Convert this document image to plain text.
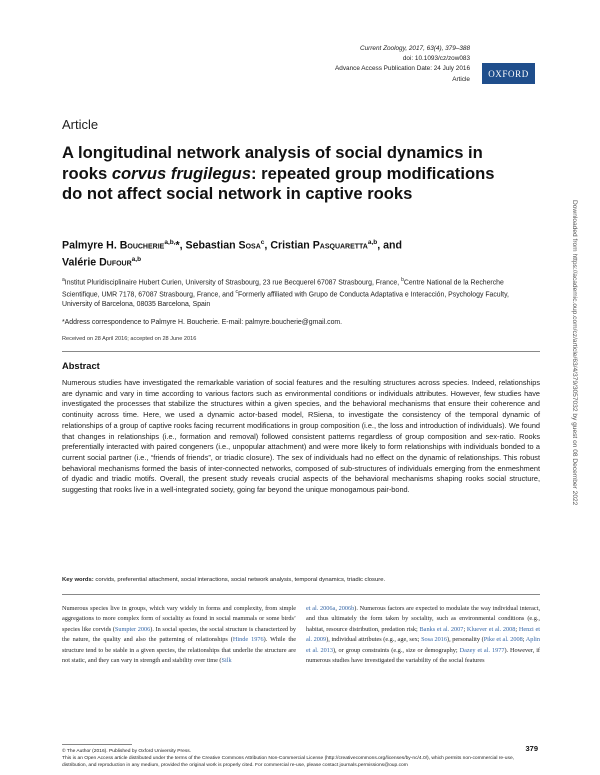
Current Zoology, 2017, 63(4), 379–388
doi: 10.1093/cz/zow083
Advance Access Publication Date: 24 July 2016
Article
OXFORD
Article
A longitudinal network analysis of social dynamics in rooks corvus frugilegus: repeated group modifications do not affect social network in captive rooks
Palmyre H. Boucherie$^{a,b,}$*, Sebastian Sosa$^c$, Cristian Pasquaretta$^{a,b}$, and
Valérie Dufour$^{a,b}$
$^a$Institut Pluridisciplinaire Hubert Curien, University of Strasbourg, 23 rue Becquerel 67087 Strasbourg, France, $^b$Centre National de la Recherche Scientifique, UMR 7178, 67087 Strasbourg, France, and $^c$Formerly affiliated with Grupo de Conducta Adaptativa e Interacción, Psychology Faculty, University of Barcelona, 08035 Barcelona, Spain
*Address correspondence to Palmyre H. Boucherie. E-mail: palmyre.boucherie@gmail.com.
Received on 28 April 2016; accepted on 28 June 2016
Abstract
Numerous studies have investigated the remarkable variation of social features and the resulting structures across species. Indeed, relationships are dynamic and vary in time according to various factors such as environmental conditions or individuals attributes. However, few studies have investigated the processes that stabilize the structures within a given species, and the behavioral mechanisms that ensure their coherence and continuity across time. Here, we used a dynamic actor-based model, RSiena, to investigate the consistency of the temporal dynamic of relationships of a group of captive rooks facing recurrent modifications in group composition (i.e., the loss and introduction of individuals). We found that changes in relationships (i.e., formation and removal) followed consistent patterns regardless of group composition and sex-ratio. Rooks preferentially interacted with paired congeners (i.e., unpopular attachment) and were more likely to form relationships with individuals bonded to a current social partner (i.e., “friends of friends”, or triadic closure). The sex of individuals had no effect on the dynamic of relationships. This robust behavioral mechanisms formed the basis of inter-connected networks, composed of sub-structures of individuals emerging from the enmeshment of dyadic and triadic motifs. Overall, the present study reveals crucial aspects of the behavioral mechanisms shaping rooks social structure, suggesting that rooks live in a well-integrated society, going far beyond the unique monogamous pair-bond.
Key words: corvids, preferential attachment, social interactions, social network analysis, temporal dynamics, triadic closure.
Numerous species live in groups, which vary widely in forms and complexity, from simple aggregations to more complex form of sociality as found in social mammals or some birds’ species like corvids (Sumpter 2006). In social species, the social structure is characterized by the nature, the quality and also the patterning of relationships (Hinde 1976). While the structure tend to be stable in a given species, the relationships that underlie the structure are not static, and they can vary in strength and stability over time (Silk
et al. 2006a, 2006b). Numerous factors are expected to modulate the way individual interact, and thus ultimately the form taken by sociality, such as environmental conditions (e.g., habitat, resource distribution, predation risk; Banks et al. 2007; Kluever et al. 2008; Henzi et al. 2009), individual attributes (e.g., age, sex; Sosa 2016), personality (Pike et al. 2008; Aplin et al. 2013), or group constraints (e.g., size or demography; Dazey et al. 1977). However, if numerous studies have investigated the variability of the social features
© The Author (2016). Published by Oxford University Press.
This is an Open Access article distributed under the terms of the Creative Commons Attribution Non-Commercial License (http://creativecommons.org/licenses/by-nc/4.0/), which permits non-commercial re-use, distribution, and reproduction in any medium, provided the original work is properly cited. For commercial re-use, please contact journals.permissions@oup.com
379
Downloaded from https://academic.oup.com/cz/article/63/4/379/3057032 by guest on 08 December 2022
